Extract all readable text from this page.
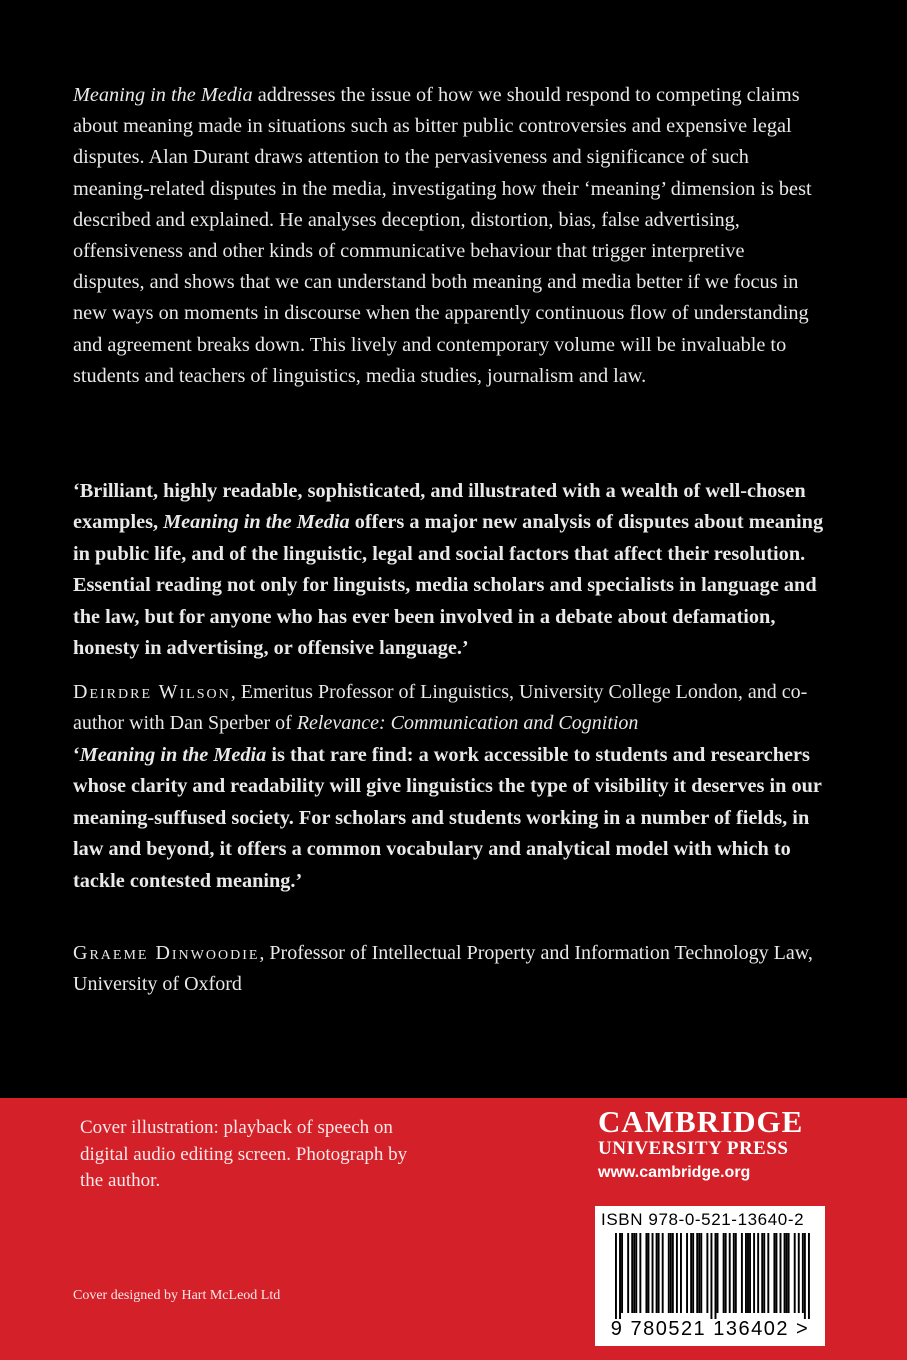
Meaning in the Media addresses the issue of how we should respond to competing claims about meaning made in situations such as bitter public controversies and expensive legal disputes. Alan Durant draws attention to the pervasiveness and significance of such meaning-related disputes in the media, investigating how their ‘meaning’ dimension is best described and explained. He analyses deception, distortion, bias, false advertising, offensiveness and other kinds of communicative behaviour that trigger interpretive disputes, and shows that we can understand both meaning and media better if we focus in new ways on moments in discourse when the apparently continuous flow of understanding and agreement breaks down. This lively and contemporary volume will be invaluable to students and teachers of linguistics, media studies, journalism and law.

‘Brilliant, highly readable, sophisticated, and illustrated with a wealth of well-chosen examples, Meaning in the Media offers a major new analysis of disputes about meaning in public life, and of the linguistic, legal and social factors that affect their resolution. Essential reading not only for linguists, media scholars and specialists in language and the law, but for anyone who has ever been involved in a debate about defamation, honesty in advertising, or offensive language.’

Deirdre Wilson, Emeritus Professor of Linguistics, University College London, and co-author with Dan Sperber of Relevance: Communication and Cognition

‘Meaning in the Media is that rare find: a work accessible to students and researchers whose clarity and readability will give linguistics the type of visibility it deserves in our meaning-suffused society. For scholars and students working in a number of fields, in law and beyond, it offers a common vocabulary and analytical model with which to tackle contested meaning.’

Graeme Dinwoodie, Professor of Intellectual Property and Information Technology Law, University of Oxford

Cover illustration: playback of speech on digital audio editing screen. Photograph by the author.

Cover designed by Hart McLeod Ltd
CAMBRIDGE
UNIVERSITY PRESS
www.cambridge.org
ISBN 978-0-521-13640-2
9 780521 136402 >
